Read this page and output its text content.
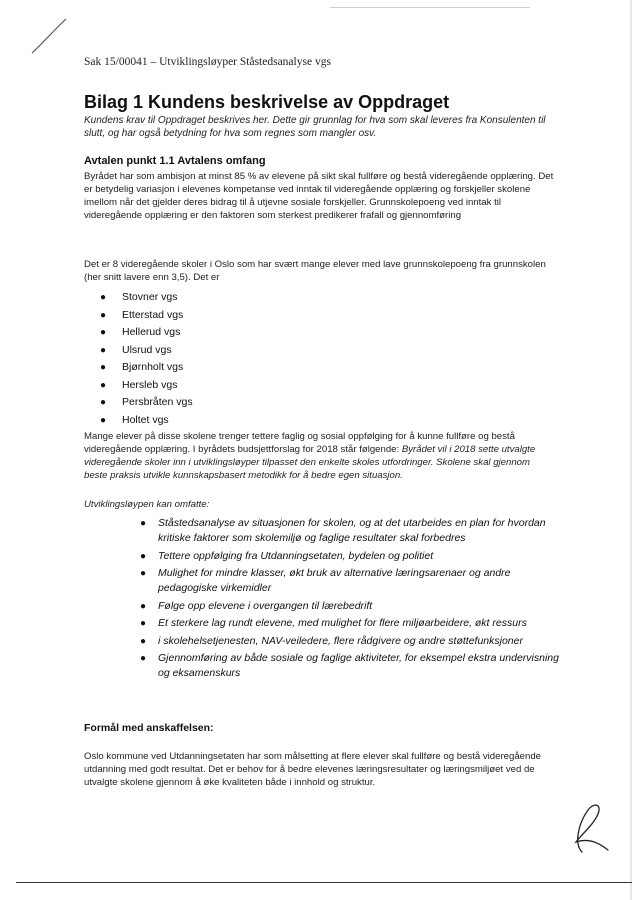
Sak 15/00041 – Utviklingsløyper Ståstedsanalyse vgs
Bilag 1 Kundens beskrivelse av Oppdraget
Kundens krav til Oppdraget beskrives her. Dette gir grunnlag for hva som skal leveres fra Konsulenten til slutt, og har også betydning for hva som regnes som mangler osv.
Avtalen punkt 1.1 Avtalens omfang
Byrådet har som ambisjon at minst 85 % av elevene på sikt skal fullføre og bestå videregående opplæring. Det er betydelig variasjon i elevenes kompetanse ved inntak til videregående opplæring og forskjeller skolene imellom når det gjelder deres bidrag til å utjevne sosiale forskjeller. Grunnskolepoeng ved inntak til videregående opplæring er den faktoren som sterkest predikerer frafall og gjennomføring
Det er 8 videregående skoler i Oslo som har svært mange elever med lave grunnskolepoeng fra grunnskolen (her snitt lavere enn 3,5). Det er
● Stovner vgs
● Etterstad vgs
● Hellerud vgs
● Ulsrud vgs
● Bjørnholt vgs
● Hersleb vgs
● Persbråten vgs
● Holtet vgs
Mange elever på disse skolene trenger tettere faglig og sosial oppfølging for å kunne fullføre og bestå videregående opplæring. I byrådets budsjettforslag for 2018 står følgende: Byrådet vil i 2018 sette utvalgte videregående skoler inn i utviklingsløyper tilpasset den enkelte skoles utfordringer. Skolene skal gjennom beste praksis utvikle kunnskapsbasert metodikk for å bedre egen situasjon.
Utviklingsløypen kan omfatte:
● Ståstedsanalyse av situasjonen for skolen, og at det utarbeides en plan for hvordan kritiske faktorer som skolemiljø og faglige resultater skal forbedres
● Tettere oppfølging fra Utdanningsetaten, bydelen og politiet
● Mulighet for mindre klasser, økt bruk av alternative læringsarenaer og andre pedagogiske virkemidler
● Følge opp elevene i overgangen til lærebedrift
● Et sterkere lag rundt elevene, med mulighet for flere miljøarbeidere, økt ressurs
● i skolehelsetjenesten, NAV-veiledere, flere rådgivere og andre støttefunksjoner
● Gjennomføring av både sosiale og faglige aktiviteter, for eksempel ekstra undervisning og eksamenskurs
Formål med anskaffelsen:
Oslo kommune ved Utdanningsetaten har som målsetting at flere elever skal fullføre og bestå videregående utdanning med godt resultat. Det er behov for å bedre elevenes læringsresultater og læringsmiljøet ved de utvalgte skolene gjennom å øke kvaliteten både i innhold og struktur.
